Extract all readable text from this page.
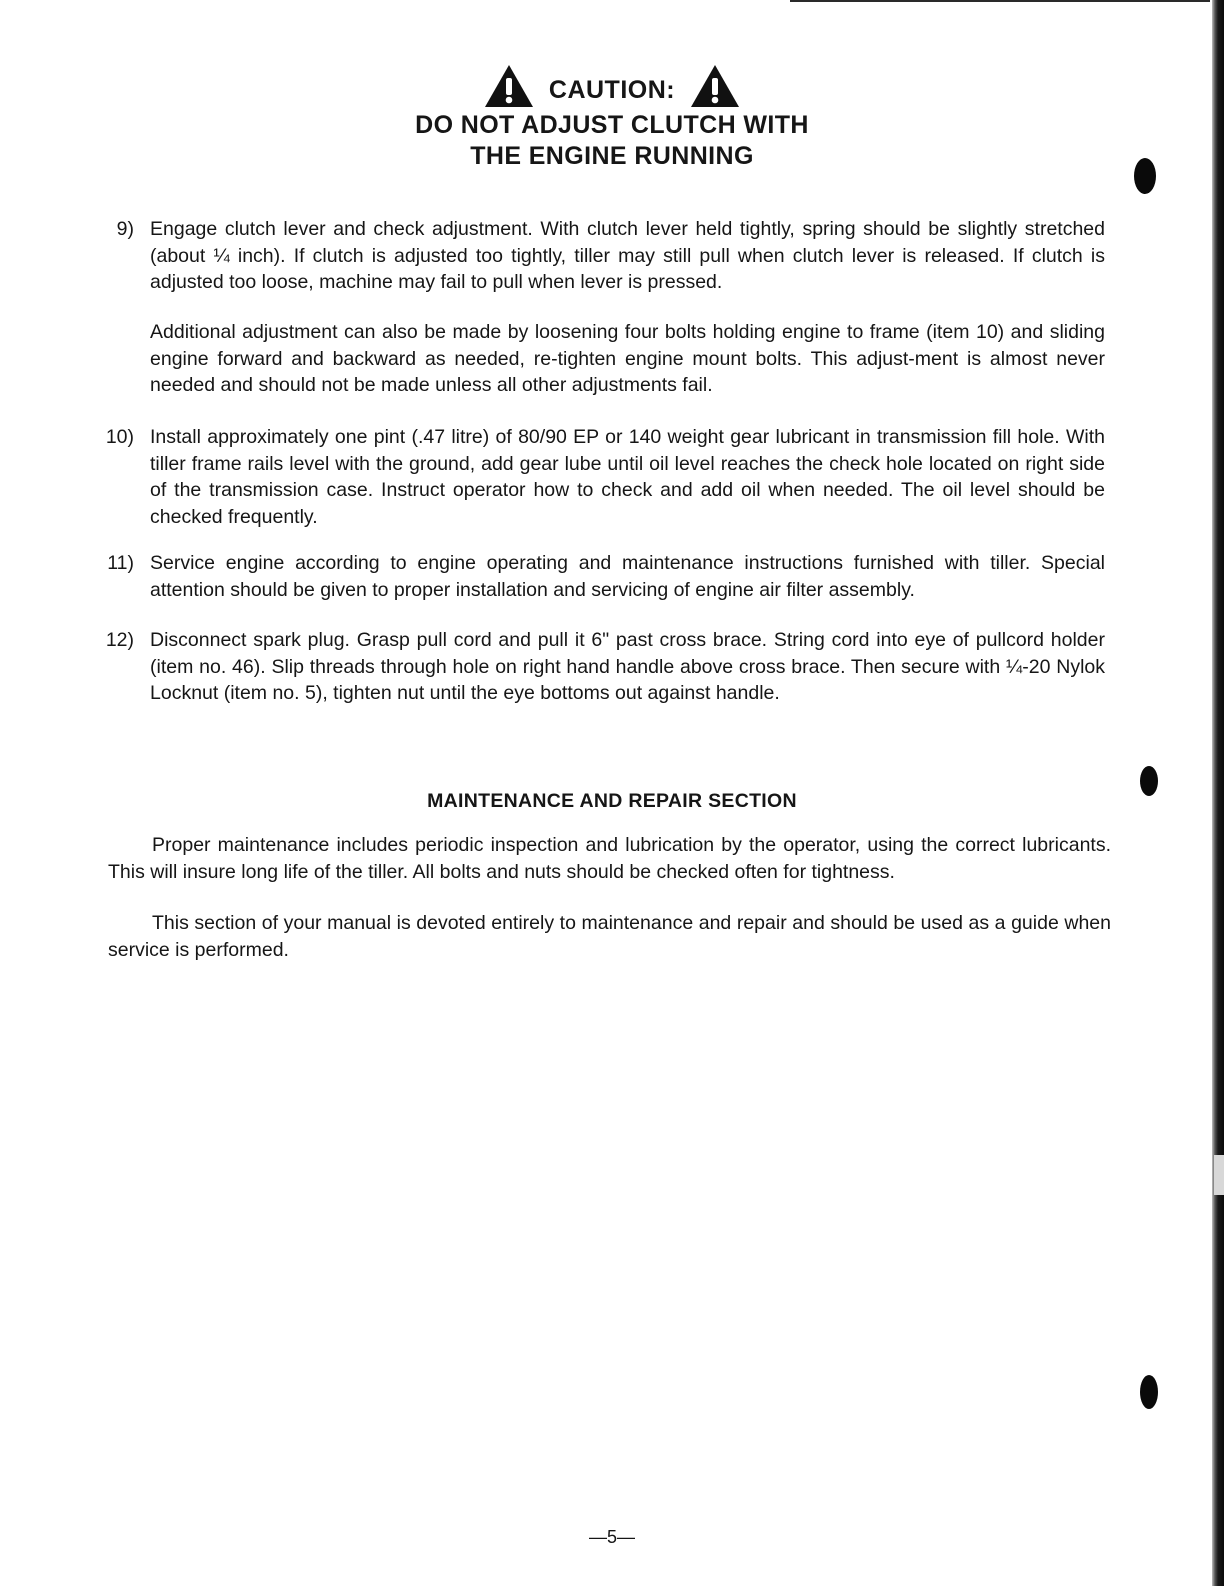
CAUTION:
DO NOT ADJUST CLUTCH WITH
THE ENGINE RUNNING
9) Engage clutch lever and check adjustment. With clutch lever held tightly, spring should be slightly stretched (about ¼ inch). If clutch is adjusted too tightly, tiller may still pull when clutch lever is released. If clutch is adjusted too loose, machine may fail to pull when lever is pressed.
Additional adjustment can also be made by loosening four bolts holding engine to frame (item 10) and sliding engine forward and backward as needed, re-tighten engine mount bolts. This adjust-ment is almost never needed and should not be made unless all other adjustments fail.
10) Install approximately one pint (.47 litre) of 80/90 EP or 140 weight gear lubricant in transmission fill hole. With tiller frame rails level with the ground, add gear lube until oil level reaches the check hole located on right side of the transmission case. Instruct operator how to check and add oil when needed. The oil level should be checked frequently.
11) Service engine according to engine operating and maintenance instructions furnished with tiller. Special attention should be given to proper installation and servicing of engine air filter assembly.
12) Disconnect spark plug. Grasp pull cord and pull it 6" past cross brace. String cord into eye of pullcord holder (item no. 46). Slip threads through hole on right hand handle above cross brace. Then secure with ¼-20 Nylok Locknut (item no. 5), tighten nut until the eye bottoms out against handle.
MAINTENANCE AND REPAIR SECTION
Proper maintenance includes periodic inspection and lubrication by the operator, using the correct lubricants. This will insure long life of the tiller. All bolts and nuts should be checked often for tightness.
This section of your manual is devoted entirely to maintenance and repair and should be used as a guide when service is performed.
—5—
